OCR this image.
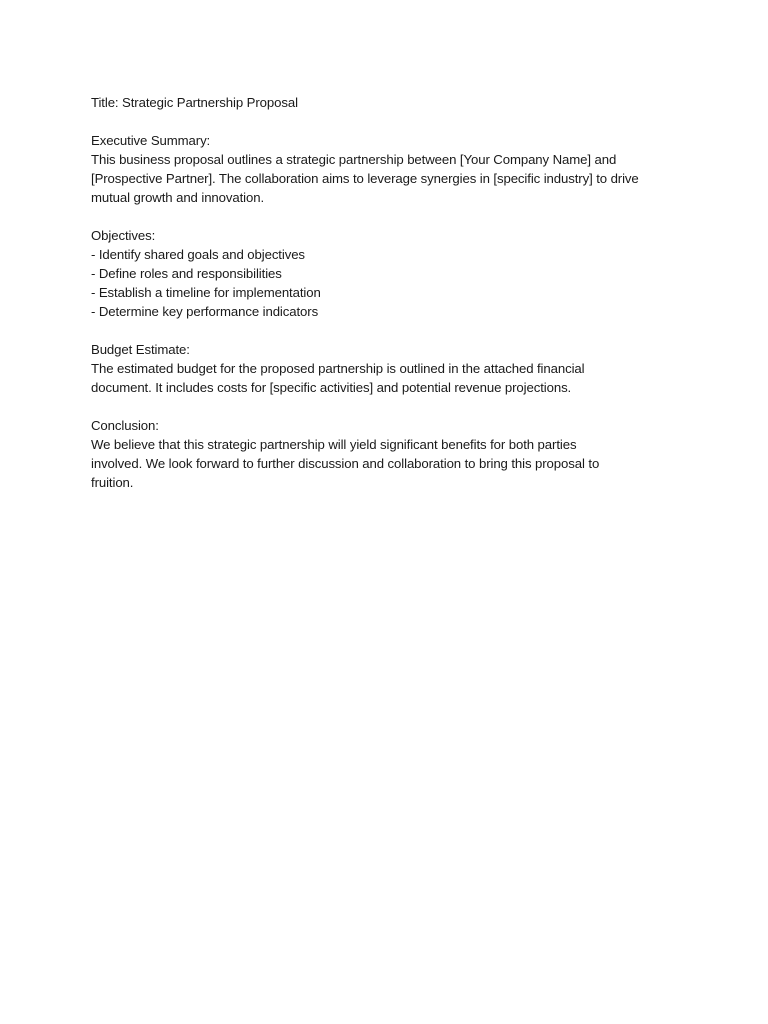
Title: Strategic Partnership Proposal

Executive Summary:

This business proposal outlines a strategic partnership between [Your Company Name] and

[Prospective Partner]. The collaboration aims to leverage synergies in [specific industry] to drive

mutual growth and innovation.

Objectives:

- Identify shared goals and objectives
- Define roles and responsibilities
- Establish a timeline for implementation
- Determine key performance indicators

Budget Estimate:

The estimated budget for the proposed partnership is outlined in the attached financial

document. It includes costs for [specific activities] and potential revenue projections.

Conclusion:

We believe that this strategic partnership will yield significant benefits for both parties

involved. We look forward to further discussion and collaboration to bring this proposal to

fruition.
